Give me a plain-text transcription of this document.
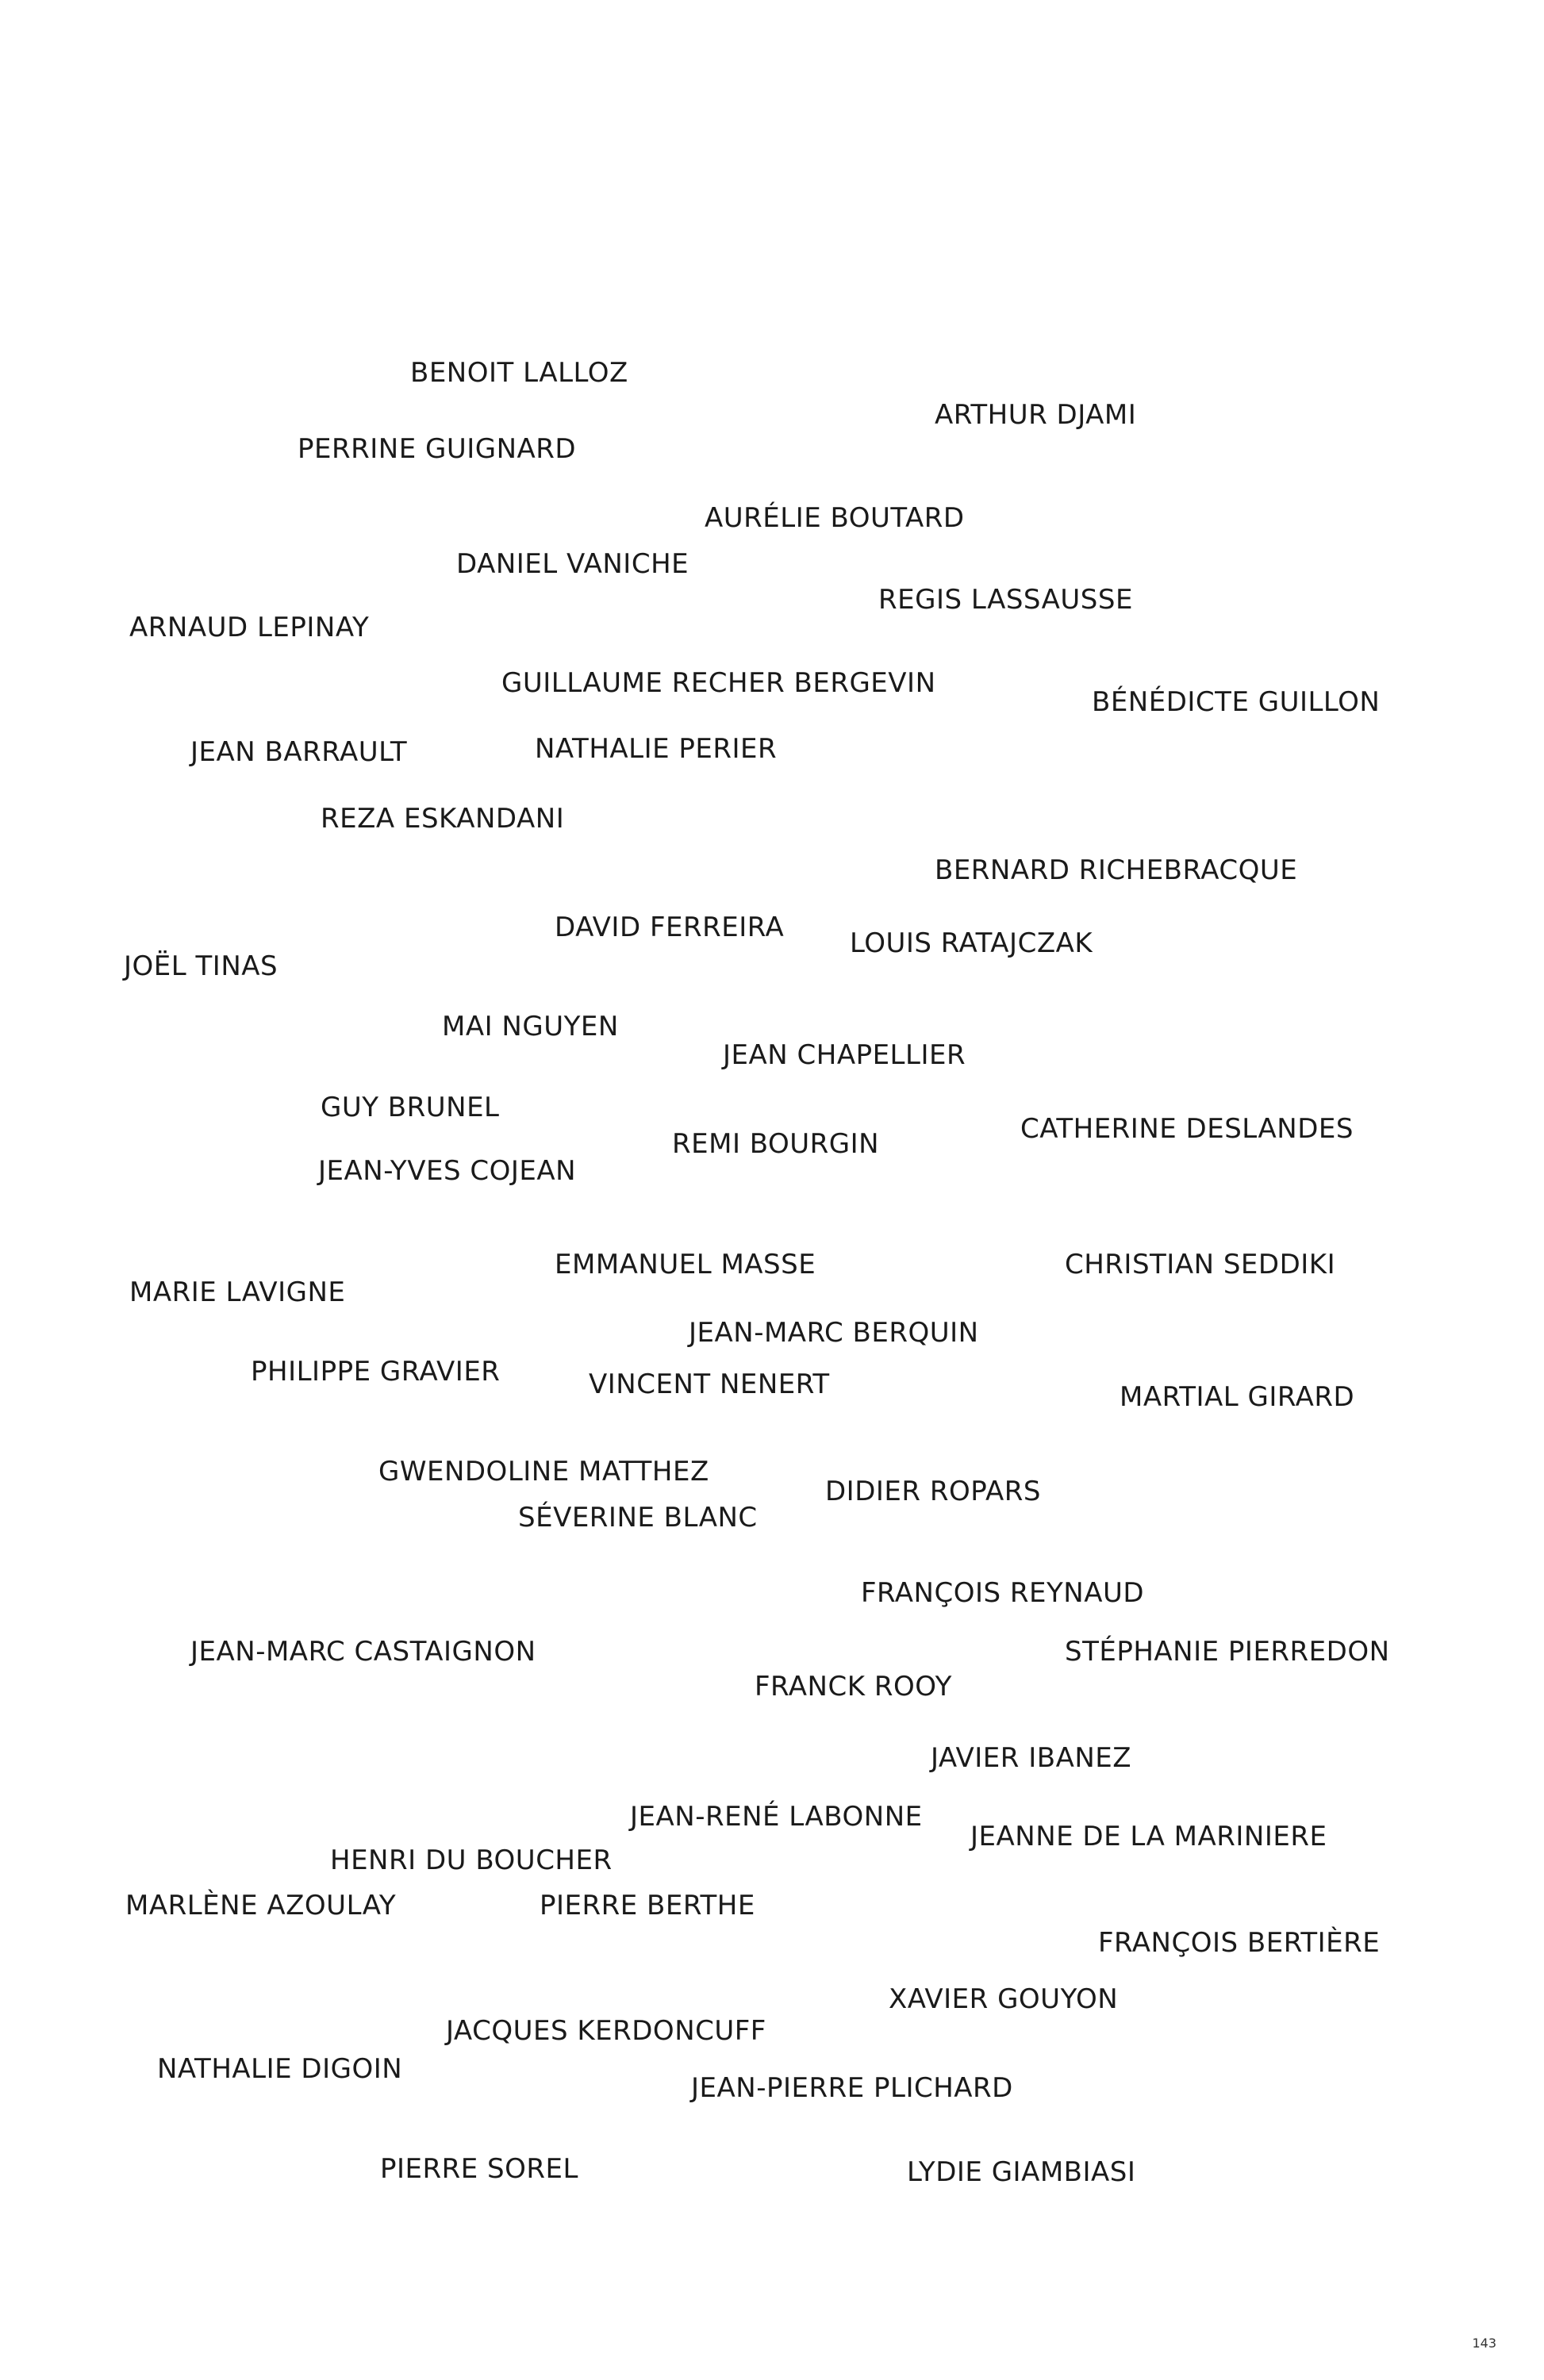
BENOIT LALLOZ
ARTHUR DJAMI
PERRINE GUIGNARD
AURÉLIE BOUTARD
DANIEL VANICHE
REGIS LASSAUSSE
ARNAUD LEPINAY
GUILLAUME RECHER BERGEVIN
BÉNÉDICTE GUILLON
JEAN BARRAULT	NATHALIE PERIER
REZA ESKANDANI
BERNARD RICHEBRACQUE
DAVID FERREIRA LOUIS RATAJCZAK
JOËL TINAS
MAI NGUYEN
JEAN CHAPELLIER
GUY BRUNEL
REMI BOURGIN	CATHERINE DESLANDES
JEAN-YVES COJEAN
EMMANUEL MASSE	CHRISTIAN SEDDIKI
MARIE LAVIGNE
JEAN-MARC BERQUIN
PHILIPPE GRAVIER	VINCENT NENERT	MARTIAL GIRARD
GWENDOLINE MATTHEZ
DIDIER ROPARS
SÉVERINE BLANC
FRANÇOIS REYNAUD
JEAN-MARC CASTAIGNON	STÉPHANIE PIERREDON
FRANCK ROOY
JAVIER IBANEZ
JEAN-RENÉ LABONNE
JEANNE DE LA MARINIERE
HENRI DU BOUCHER
MARLÈNE AZOULAY	PIERRE BERTHE
FRANÇOIS BERTIÈRE
XAVIER GOUYON
JACQUES KERDONCUFF
NATHALIE DIGOIN
JEAN-PIERRE PLICHARD
PIERRE SOREL	LYDIE GIAMBIASI
143
